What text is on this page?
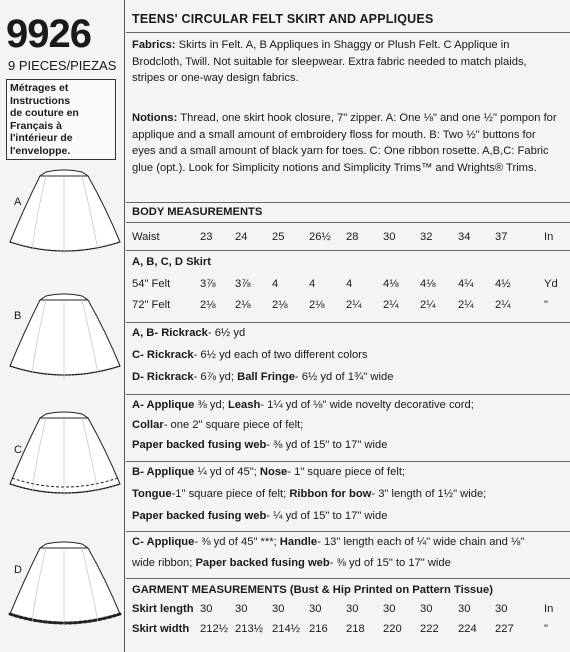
9926
9 PIECES/PIEZAS
Métrages et Instructions
de couture en Français à
l'intérieur de
l'enveloppe.
A
B
C
D
TEENS' CIRCULAR FELT SKIRT AND APPLIQUES
Fabrics: Skirts in Felt. A, B Appliques in Shaggy or Plush Felt. C Applique in
Brodcloth, Twill. Not suitable for sleepwear. Extra fabric needed to match plaids,
stripes or one-way design fabrics.
Notions: Thread, one skirt hook closure, 7" zipper. A: One ⅛" and one ½" pompon for
applique and a small amount of embroidery floss for mouth. B: Two ½" buttons for
eyes and a small amount of black yarn for toes. C: One ribbon rosette. A,B,C: Fabric
glue (opt.). Look for Simplicity notions and Simplicity Trims™ and Wrights® Trims.
BODY MEASUREMENTS
Waist	23 24 25 26½ 28 30 32 34 37	In
A, B, C, D Skirt
54" Felt	3⅞ 3⅞ 4	4	4	4⅛ 4⅛ 4¼ 4½	Yd
72" Felt	2⅛ 2⅛ 2⅛ 2⅛ 2¼ 2¼ 2¼ 2¼ 2¼	"
A, B- Rickrack- 6½ yd
C- Rickrack- 6½ yd each of two different colors
D- Rickrack- 6⅞ yd; Ball Fringe- 6½ yd of 1¾" wide
A- Applique ⅜ yd; Leash- 1¼ yd of ⅛" wide novelty decorative cord;
Collar- one 2" square piece of felt;
Paper backed fusing web- ⅜ yd of 15" to 17" wide
B- Applique ¼ yd of 45"; Nose- 1" square piece of felt;
Tongue-1" square piece of felt; Ribbon for bow- 3" length of 1½" wide;
Paper backed fusing web- ¼ yd of 15" to 17" wide
C- Applique- ⅜ yd of 45" ***; Handle- 13" length each of ¼" wide chain and ⅛"
wide ribbon; Paper backed fusing web- ⅜ yd of 15" to 17" wide
GARMENT MEASUREMENTS (Bust & Hip Printed on Pattern Tissue)
Skirt length 30 30 30 30 30 30 30 30 30	In
Skirt width 212½ 213½ 214½ 216 218 220 222 224 227	"
